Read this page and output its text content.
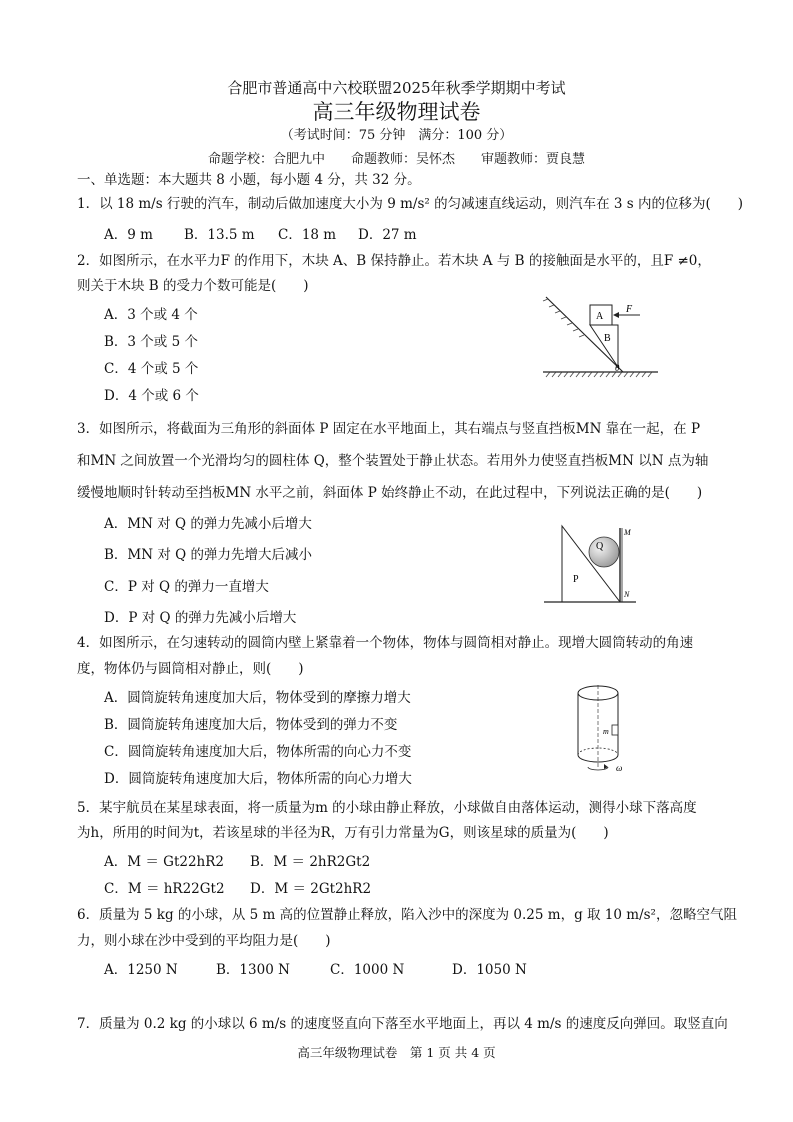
合肥市普通高中六校联盟2025年秋季学期期中考试
高三年级物理试卷
（考试时间：75 分钟　满分：100 分）
命题学校：合肥九中　　命题教师：吴怀杰　　审题教师：贾良慧
一、单选题：本大题共 8 小题，每小题 4 分，共 32 分。
1．以 18 m/s 行驶的汽车，制动后做加速度大小为 9 m/s² 的匀减速直线运动，则汽车在 3 s 内的位移为(　　)
A．9 m B．13.5 m C．18 m D．27 m
2．如图所示，在水平力F 的作用下，木块 A、B 保持静止。若木块 A 与 B 的接触面是水平的，且F ≠0，
则关于木块 B 的受力个数可能是(　　)
A．3 个或 4 个
B．3 个或 5 个
C．4 个或 5 个
D．4 个或 6 个
A
B
F
θ
3．如图所示，将截面为三角形的斜面体 P 固定在水平地面上，其右端点与竖直挡板MN 靠在一起，在 P
和MN 之间放置一个光滑均匀的圆柱体 Q，整个装置处于静止状态。若用外力使竖直挡板MN 以N 点为轴
缓慢地顺时针转动至挡板MN 水平之前，斜面体 P 始终静止不动，在此过程中，下列说法正确的是(　　)
A．MN 对 Q 的弹力先减小后增大
B．MN 对 Q 的弹力先增大后减小
C．P 对 Q 的弹力一直增大
D．P 对 Q 的弹力先减小后增大
Q
P
M
N
4．如图所示，在匀速转动的圆筒内壁上紧靠着一个物体，物体与圆筒相对静止。现增大圆筒转动的角速
度，物体仍与圆筒相对静止，则(　　)
A．圆筒旋转角速度加大后，物体受到的摩擦力增大
B．圆筒旋转角速度加大后，物体受到的弹力不变
C．圆筒旋转角速度加大后，物体所需的向心力不变
D．圆筒旋转角速度加大后，物体所需的向心力增大
m
ω
5．某宇航员在某星球表面，将一质量为m 的小球由静止释放，小球做自由落体运动，测得小球下落高度
为h，所用的时间为t，若该星球的半径为R，万有引力常量为G，则该星球的质量为(　　)
A．M ＝ Gt22hR2 B．M ＝ 2hR2Gt2
C．M ＝ hR22Gt2 D．M ＝ 2Gt2hR2
6．质量为 5 kg 的小球，从 5 m 高的位置静止释放，陷入沙中的深度为 0.25 m，g 取 10 m/s²，忽略空气阻
力，则小球在沙中受到的平均阻力是(　　)
A．1250 N	B．1300 N	C．1000 N	D．1050 N
7．质量为 0.2 kg 的小球以 6 m/s 的速度竖直向下落至水平地面上，再以 4 m/s 的速度反向弹回。取竖直向
高三年级物理试卷　第 1 页 共 4 页
